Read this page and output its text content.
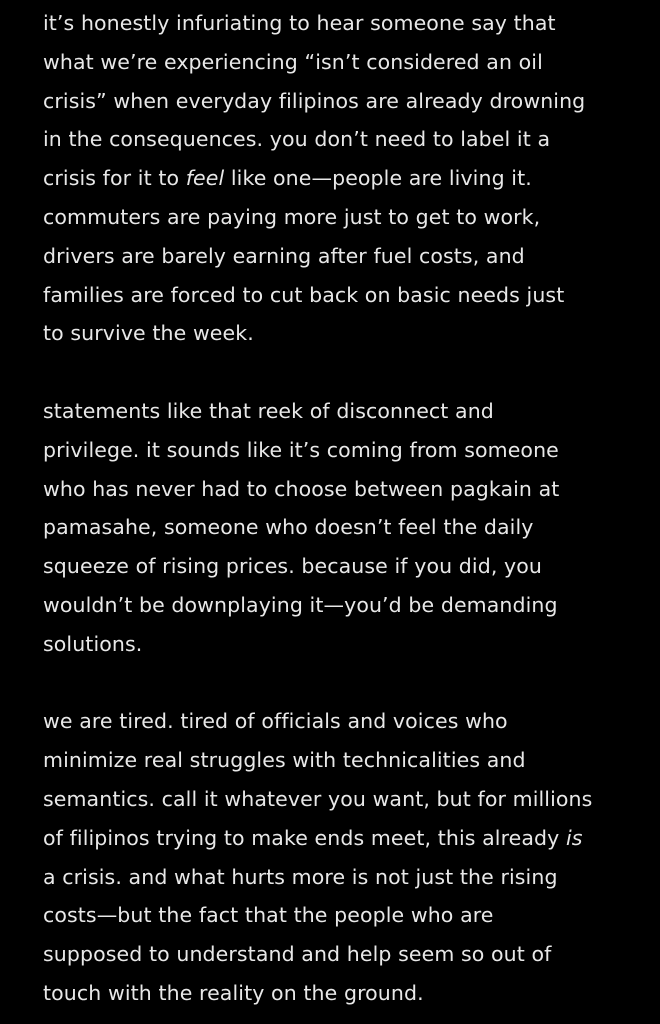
it’s honestly infuriating to hear someone say that
what we’re experiencing “isn’t considered an oil
crisis” when everyday filipinos are already drowning
in the consequences. you don’t need to label it a
crisis for it to feel like one—people are living it.
commuters are paying more just to get to work,
drivers are barely earning after fuel costs, and
families are forced to cut back on basic needs just
to survive the week.

statements like that reek of disconnect and
privilege. it sounds like it’s coming from someone
who has never had to choose between pagkain at
pamasahe, someone who doesn’t feel the daily
squeeze of rising prices. because if you did, you
wouldn’t be downplaying it—you’d be demanding
solutions.

we are tired. tired of officials and voices who
minimize real struggles with technicalities and
semantics. call it whatever you want, but for millions
of filipinos trying to make ends meet, this already is
a crisis. and what hurts more is not just the rising
costs—but the fact that the people who are
supposed to understand and help seem so out of
touch with the reality on the ground.
